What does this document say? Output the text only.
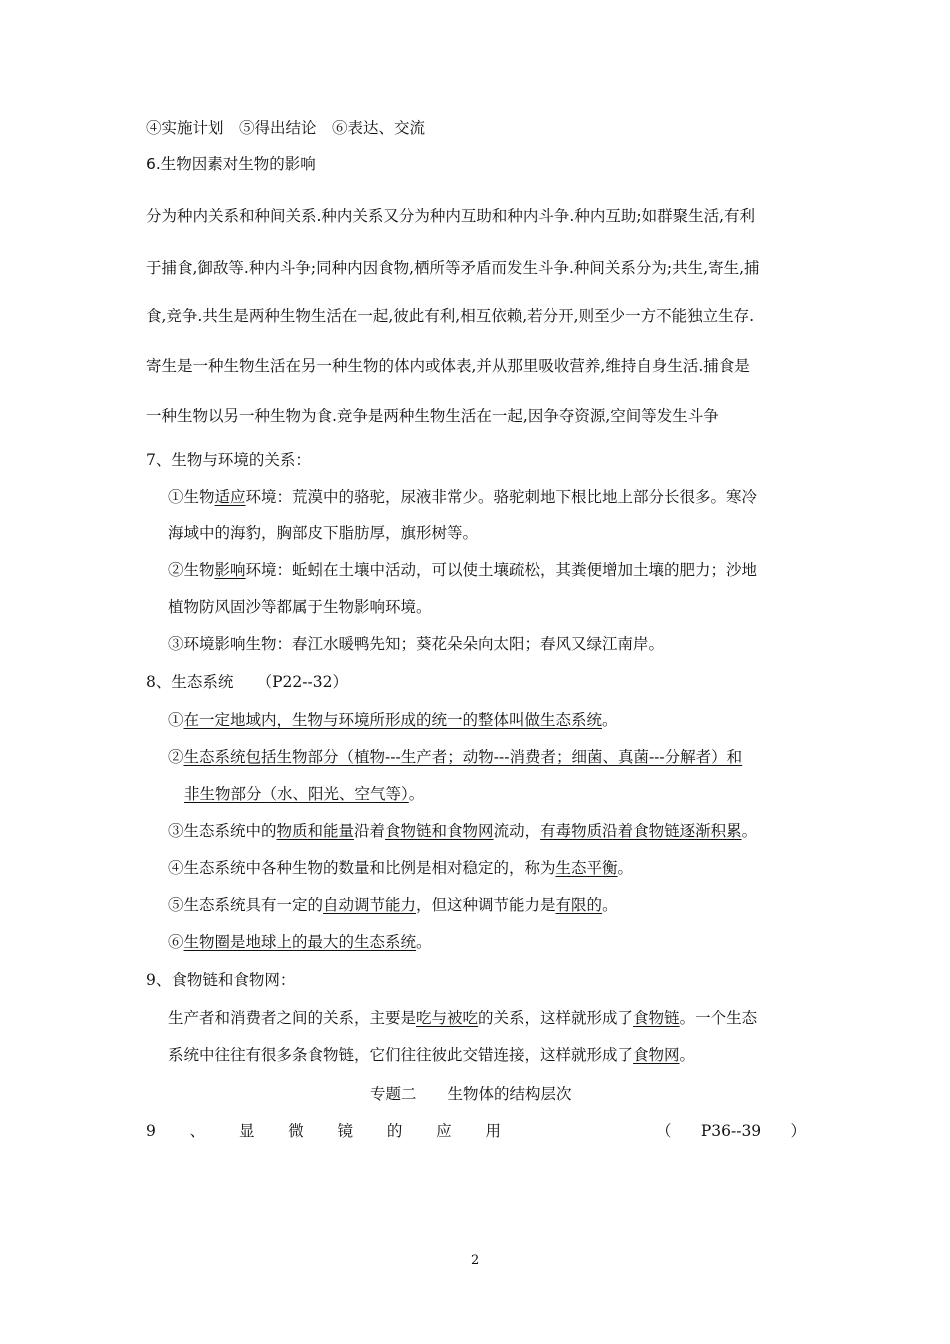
④实施计划　⑤得出结论　⑥表达、交流
6.生物因素对生物的影响
分为种内关系和种间关系.种内关系又分为种内互助和种内斗争.种内互助;如群聚生活,有利
于捕食,御敌等.种内斗争;同种内因食物,栖所等矛盾而发生斗争.种间关系分为;共生,寄生,捕
食,竞争.共生是两种生物生活在一起,彼此有利,相互依赖,若分开,则至少一方不能独立生存.
寄生是一种生物生活在另一种生物的体内或体表,并从那里吸收营养,维持自身生活.捕食是
一种生物以另一种生物为食.竞争是两种生物生活在一起,因争夺资源,空间等发生斗争
7、生物与环境的关系：
①生物适应环境：荒漠中的骆驼，尿液非常少。骆驼刺地下根比地上部分长很多。寒冷
海域中的海豹，胸部皮下脂肪厚，旗形树等。
②生物影响环境：蚯蚓在土壤中活动，可以使土壤疏松，其粪便增加土壤的肥力；沙地
植物防风固沙等都属于生物影响环境。
③环境影响生物：春江水暖鸭先知；葵花朵朵向太阳；春风又绿江南岸。
8、生态系统　　（P22--32）
①在一定地域内，生物与环境所形成的统一的整体叫做生态系统。
②生态系统包括生物部分（植物---生产者；动物---消费者；细菌、真菌---分解者）和
非生物部分（水、阳光、空气等）。
③生态系统中的物质和能量沿着食物链和食物网流动，有毒物质沿着食物链逐渐积累。
④生态系统中各种生物的数量和比例是相对稳定的，称为生态平衡。
⑤生态系统具有一定的自动调节能力，但这种调节能力是有限的。
⑥生物圈是地球上的最大的生态系统。
9、食物链和食物网：
生产者和消费者之间的关系，主要是吃与被吃的关系，这样就形成了食物链。一个生态
系统中往往有很多条食物链，它们往往彼此交错连接，这样就形成了食物网。
专题二　　生物体的结构层次
9 、 显 微 镜 的 应 用	（ P36--39 ）
2
